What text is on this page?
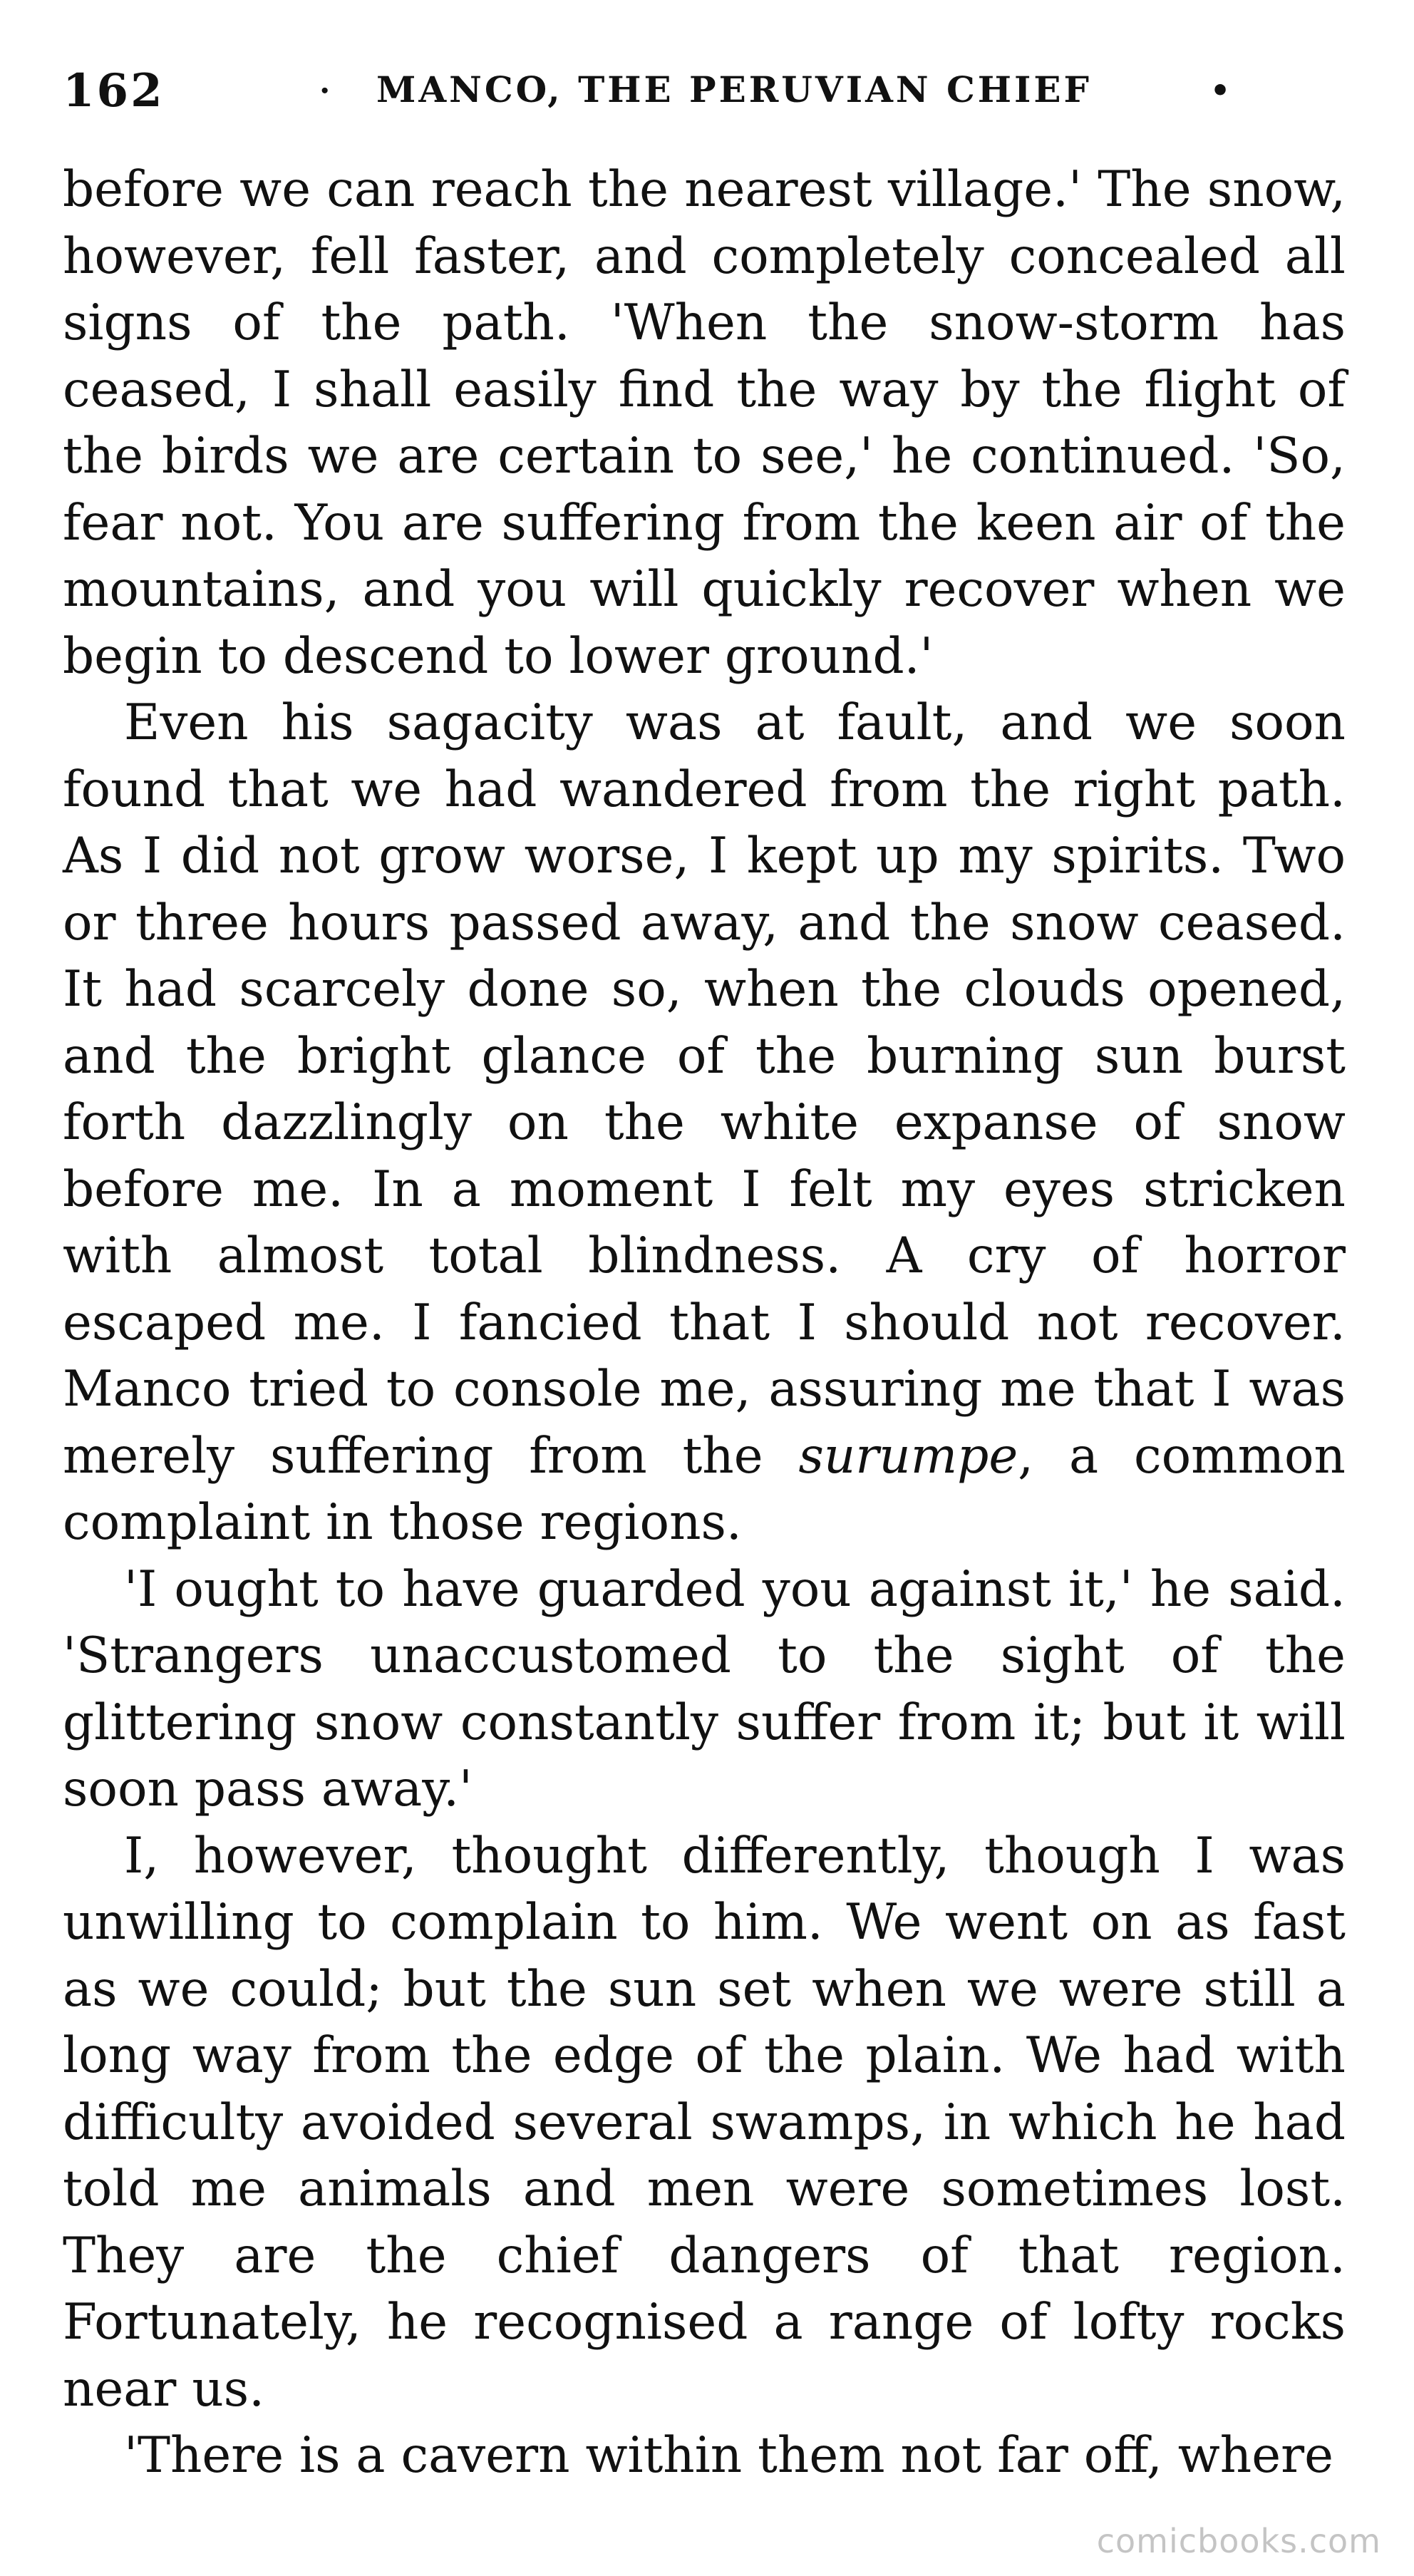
162	· MANCO, THE PERUVIAN CHIEF	•

before we can reach the nearest village.' The snow, however, fell faster, and completely concealed all signs of the path. 'When the snow-storm has ceased, I shall easily find the way by the flight of the birds we are certain to see,' he continued. 'So, fear not. You are suffering from the keen air of the mountains, and you will quickly recover when we begin to descend to lower ground.'

Even his sagacity was at fault, and we soon found that we had wandered from the right path. As I did not grow worse, I kept up my spirits. Two or three hours passed away, and the snow ceased. It had scarcely done so, when the clouds opened, and the bright glance of the burning sun burst forth dazzlingly on the white expanse of snow before me. In a moment I felt my eyes stricken with almost total blindness. A cry of horror escaped me. I fancied that I should not recover. Manco tried to console me, assuring me that I was merely suffering from the surumpe, a common complaint in those regions.

'I ought to have guarded you against it,' he said. 'Strangers unaccustomed to the sight of the glittering snow constantly suffer from it; but it will soon pass away.'

I, however, thought differently, though I was unwilling to complain to him. We went on as fast as we could; but the sun set when we were still a long way from the edge of the plain. We had with difficulty avoided several swamps, in which he had told me animals and men were sometimes lost. They are the chief dangers of that region. Fortunately, he recognised a range of lofty rocks near us.

'There is a cavern within them not far off, where

comicbooks.com
